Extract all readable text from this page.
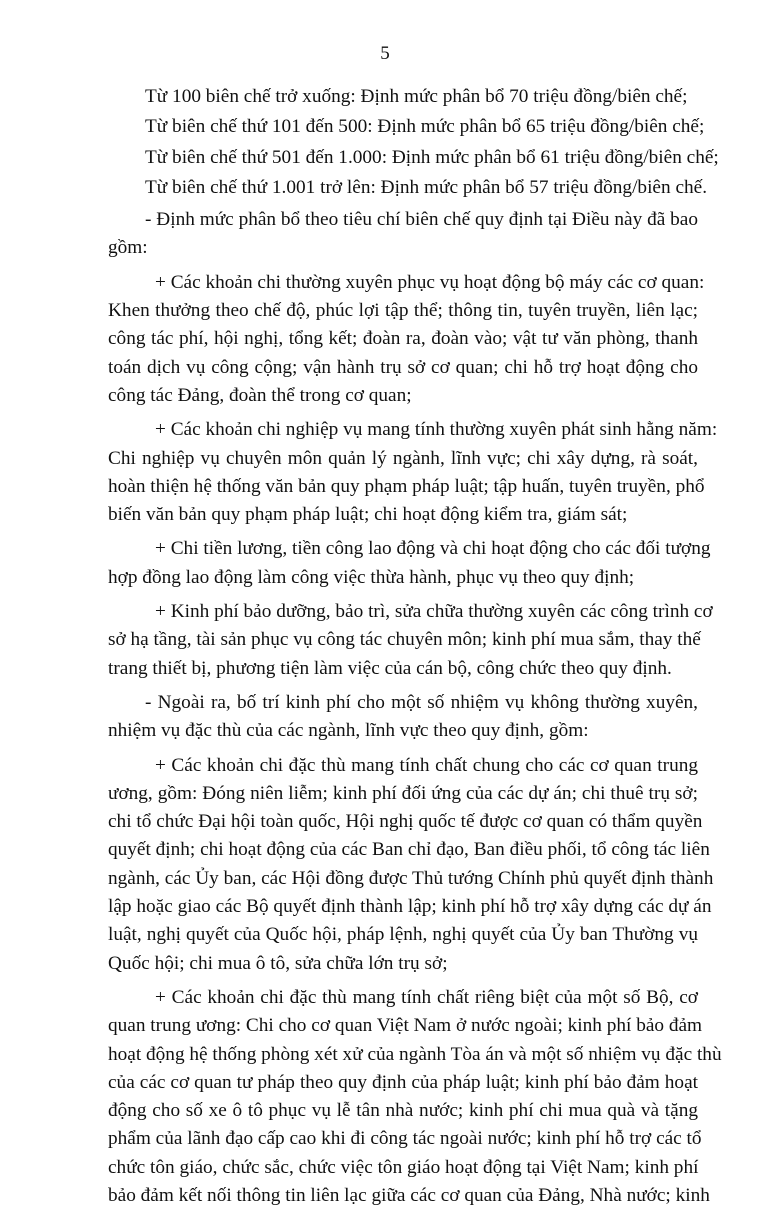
5
Từ 100 biên chế trở xuống: Định mức phân bổ 70 triệu đồng/biên chế;
Từ biên chế thứ 101 đến 500: Định mức phân bổ 65 triệu đồng/biên chế;
Từ biên chế thứ 501 đến 1.000: Định mức phân bổ 61 triệu đồng/biên chế;
Từ biên chế thứ 1.001 trở lên: Định mức phân bổ 57 triệu đồng/biên chế.
- Định mức phân bổ theo tiêu chí biên chế quy định tại Điều này đã bao
gồm:
+ Các khoản chi thường xuyên phục vụ hoạt động bộ máy các cơ quan:
Khen thưởng theo chế độ, phúc lợi tập thể; thông tin, tuyên truyền, liên lạc;
công tác phí, hội nghị, tổng kết; đoàn ra, đoàn vào; vật tư văn phòng, thanh
toán dịch vụ công cộng; vận hành trụ sở cơ quan; chi hỗ trợ hoạt động cho
công tác Đảng, đoàn thể trong cơ quan;
+ Các khoản chi nghiệp vụ mang tính thường xuyên phát sinh hằng năm:
Chi nghiệp vụ chuyên môn quản lý ngành, lĩnh vực; chi xây dựng, rà soát,
hoàn thiện hệ thống văn bản quy phạm pháp luật; tập huấn, tuyên truyền, phổ
biến văn bản quy phạm pháp luật; chi hoạt động kiểm tra, giám sát;
+ Chi tiền lương, tiền công lao động và chi hoạt động cho các đối tượng
hợp đồng lao động làm công việc thừa hành, phục vụ theo quy định;
+ Kinh phí bảo dưỡng, bảo trì, sửa chữa thường xuyên các công trình cơ
sở hạ tầng, tài sản phục vụ công tác chuyên môn; kinh phí mua sắm, thay thế
trang thiết bị, phương tiện làm việc của cán bộ, công chức theo quy định.
- Ngoài ra, bố trí kinh phí cho một số nhiệm vụ không thường xuyên,
nhiệm vụ đặc thù của các ngành, lĩnh vực theo quy định, gồm:
+ Các khoản chi đặc thù mang tính chất chung cho các cơ quan trung
ương, gồm: Đóng niên liễm; kinh phí đối ứng của các dự án; chi thuê trụ sở;
chi tổ chức Đại hội toàn quốc, Hội nghị quốc tế được cơ quan có thẩm quyền
quyết định; chi hoạt động của các Ban chỉ đạo, Ban điều phối, tổ công tác liên
ngành, các Ủy ban, các Hội đồng được Thủ tướng Chính phủ quyết định thành
lập hoặc giao các Bộ quyết định thành lập; kinh phí hỗ trợ xây dựng các dự án
luật, nghị quyết của Quốc hội, pháp lệnh, nghị quyết của Ủy ban Thường vụ
Quốc hội; chi mua ô tô, sửa chữa lớn trụ sở;
+ Các khoản chi đặc thù mang tính chất riêng biệt của một số Bộ, cơ
quan trung ương: Chi cho cơ quan Việt Nam ở nước ngoài; kinh phí bảo đảm
hoạt động hệ thống phòng xét xử của ngành Tòa án và một số nhiệm vụ đặc thù
của các cơ quan tư pháp theo quy định của pháp luật; kinh phí bảo đảm hoạt
động cho số xe ô tô phục vụ lễ tân nhà nước; kinh phí chi mua quà và tặng
phẩm của lãnh đạo cấp cao khi đi công tác ngoài nước; kinh phí hỗ trợ các tổ
chức tôn giáo, chức sắc, chức việc tôn giáo hoạt động tại Việt Nam; kinh phí
bảo đảm kết nối thông tin liên lạc giữa các cơ quan của Đảng, Nhà nước; kinh
